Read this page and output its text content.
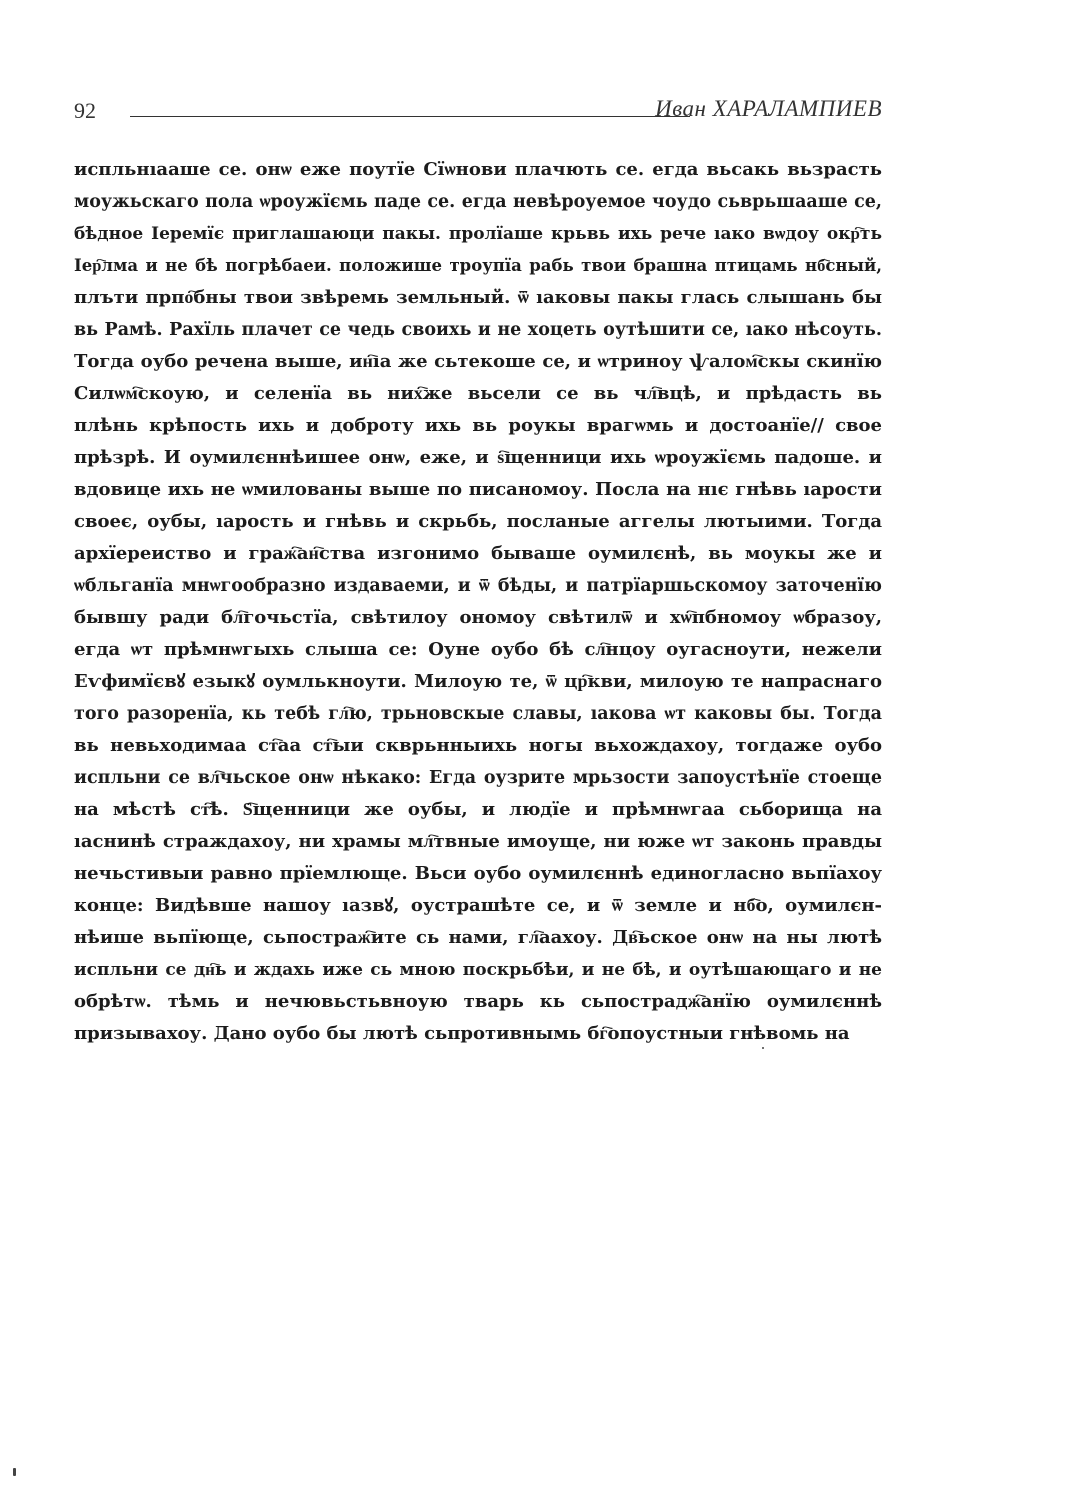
92	Иван ХАРАЛАМПИЕВ
испльнıааше се. онѡ еже поутїе Сїѡнови плачють се. егда вьсакь вьзрасть
моужьскаго пола ѡроужїємь паде се. егда невѣроуемое чоудо сьврьшааше се,
бѣдное Іеремїє приглашаюци пакы. пролїаше крьвь ихь рече ıако вѡдоу окр҇ть
Іер҇лма и не бѣ погрѣбаеи. положише троупїа рабь твои брашна птицамь нб҇сный,
плъти прпо҇бны твои звѣремь земльный. ѿ ıаковы пакы глась слышань бы
вь Рамѣ. Рахїль плачет се чедь своихь и не хоцеть оутѣшити се, ıако нѣсоуть.
Тогда оубо речена выше, ин҇ıа же сьтекоше се, и ѡтриноу ѱалом҇скы скинїю
Силѡм҇скоую, и селенїа вь них҇же вьсели се вь чл҇вцѣ, и прѣдасть вь
плѣнь крѣпость ихь и доброту ихь вь роукы врагѡмь и достоанїе// свое
прѣзрѣ. И оумилєннѣишее онѡ, еже, и ѕ҇щенници ихь ѡроужїємь падоше. и
вдовице ихь не ѡмилованы выше по писаномоу. Посла на нıє гнѣвь ıарости
своеє, оубы, ıарость и гнѣвь и скрьбь, посланые аггелы лютыими. Тогда
архїереиство и граж҇ан҇ства изгонимо бываше оумилєнѣ, вь моукы же и
ѡбльганїа мнѡгообразно издаваеми, и ѿ бѣды, и патрїаршьскомоу заточенїю
бывшу ради бл҇гочьстїа, свѣтилоу ономоу свѣтилѿ и хѡ҇пбномоу ѡбразоу,
егда ѡт прѣмнѡгыхь слыша се: Оуне оубо бѣ сл҇нцоу оугасноути, нежели
Еѵфимїєвꙋ езыкꙋ оумлькноути. Милоую те, ѿ цр҇кви, милоую те напраснаго
того разоренїа, кь тебѣ гл҇ю, трьновскые славы, ıакова ѡт каковы бы. Тогда
вь невьходимаа ст҇аа ст҇ыи скврьнныихь ногы вьхождахоу, тогдаже оубо
испльни се вл҇чьское онѡ нѣкако: Егда оузрите мрьзости запоустѣнїе стоеще
на мѣстѣ ст҇ѣ. Ѕ҇щенници же оубы, и людїе и прѣмнѡгаа сьборища на
ıаснинѣ страждахоу, ни храмы мл҇твные имоуще, ни юже ѡт законь правды
нечьстивыи равно прїемлюще. Вьси оубо оумилєннѣ единогласно вьпїахоу
конце: Видѣвше нашоу ıазвꙋ, оустрашѣте се, и ѿ земле и нб҇о, оумилєн-
нѣише вьпїюще, сьпостраж҇ите сь нами, гл҇аахоу. Дв҇ьское онѡ на ны лютѣ
испльни се дн҇ь и ждахь иже сь мною поскрьбѣи, и не бѣ, и оутѣшающаго и не
обрѣтѡ. тѣмь и нечювьстьвноую тварь кь сьпострадж҇анїю оумилєннѣ
призывахоу. Дано оубо бы лютѣ сьпротивнымь бг҇опоустныи гнѣвомь на
